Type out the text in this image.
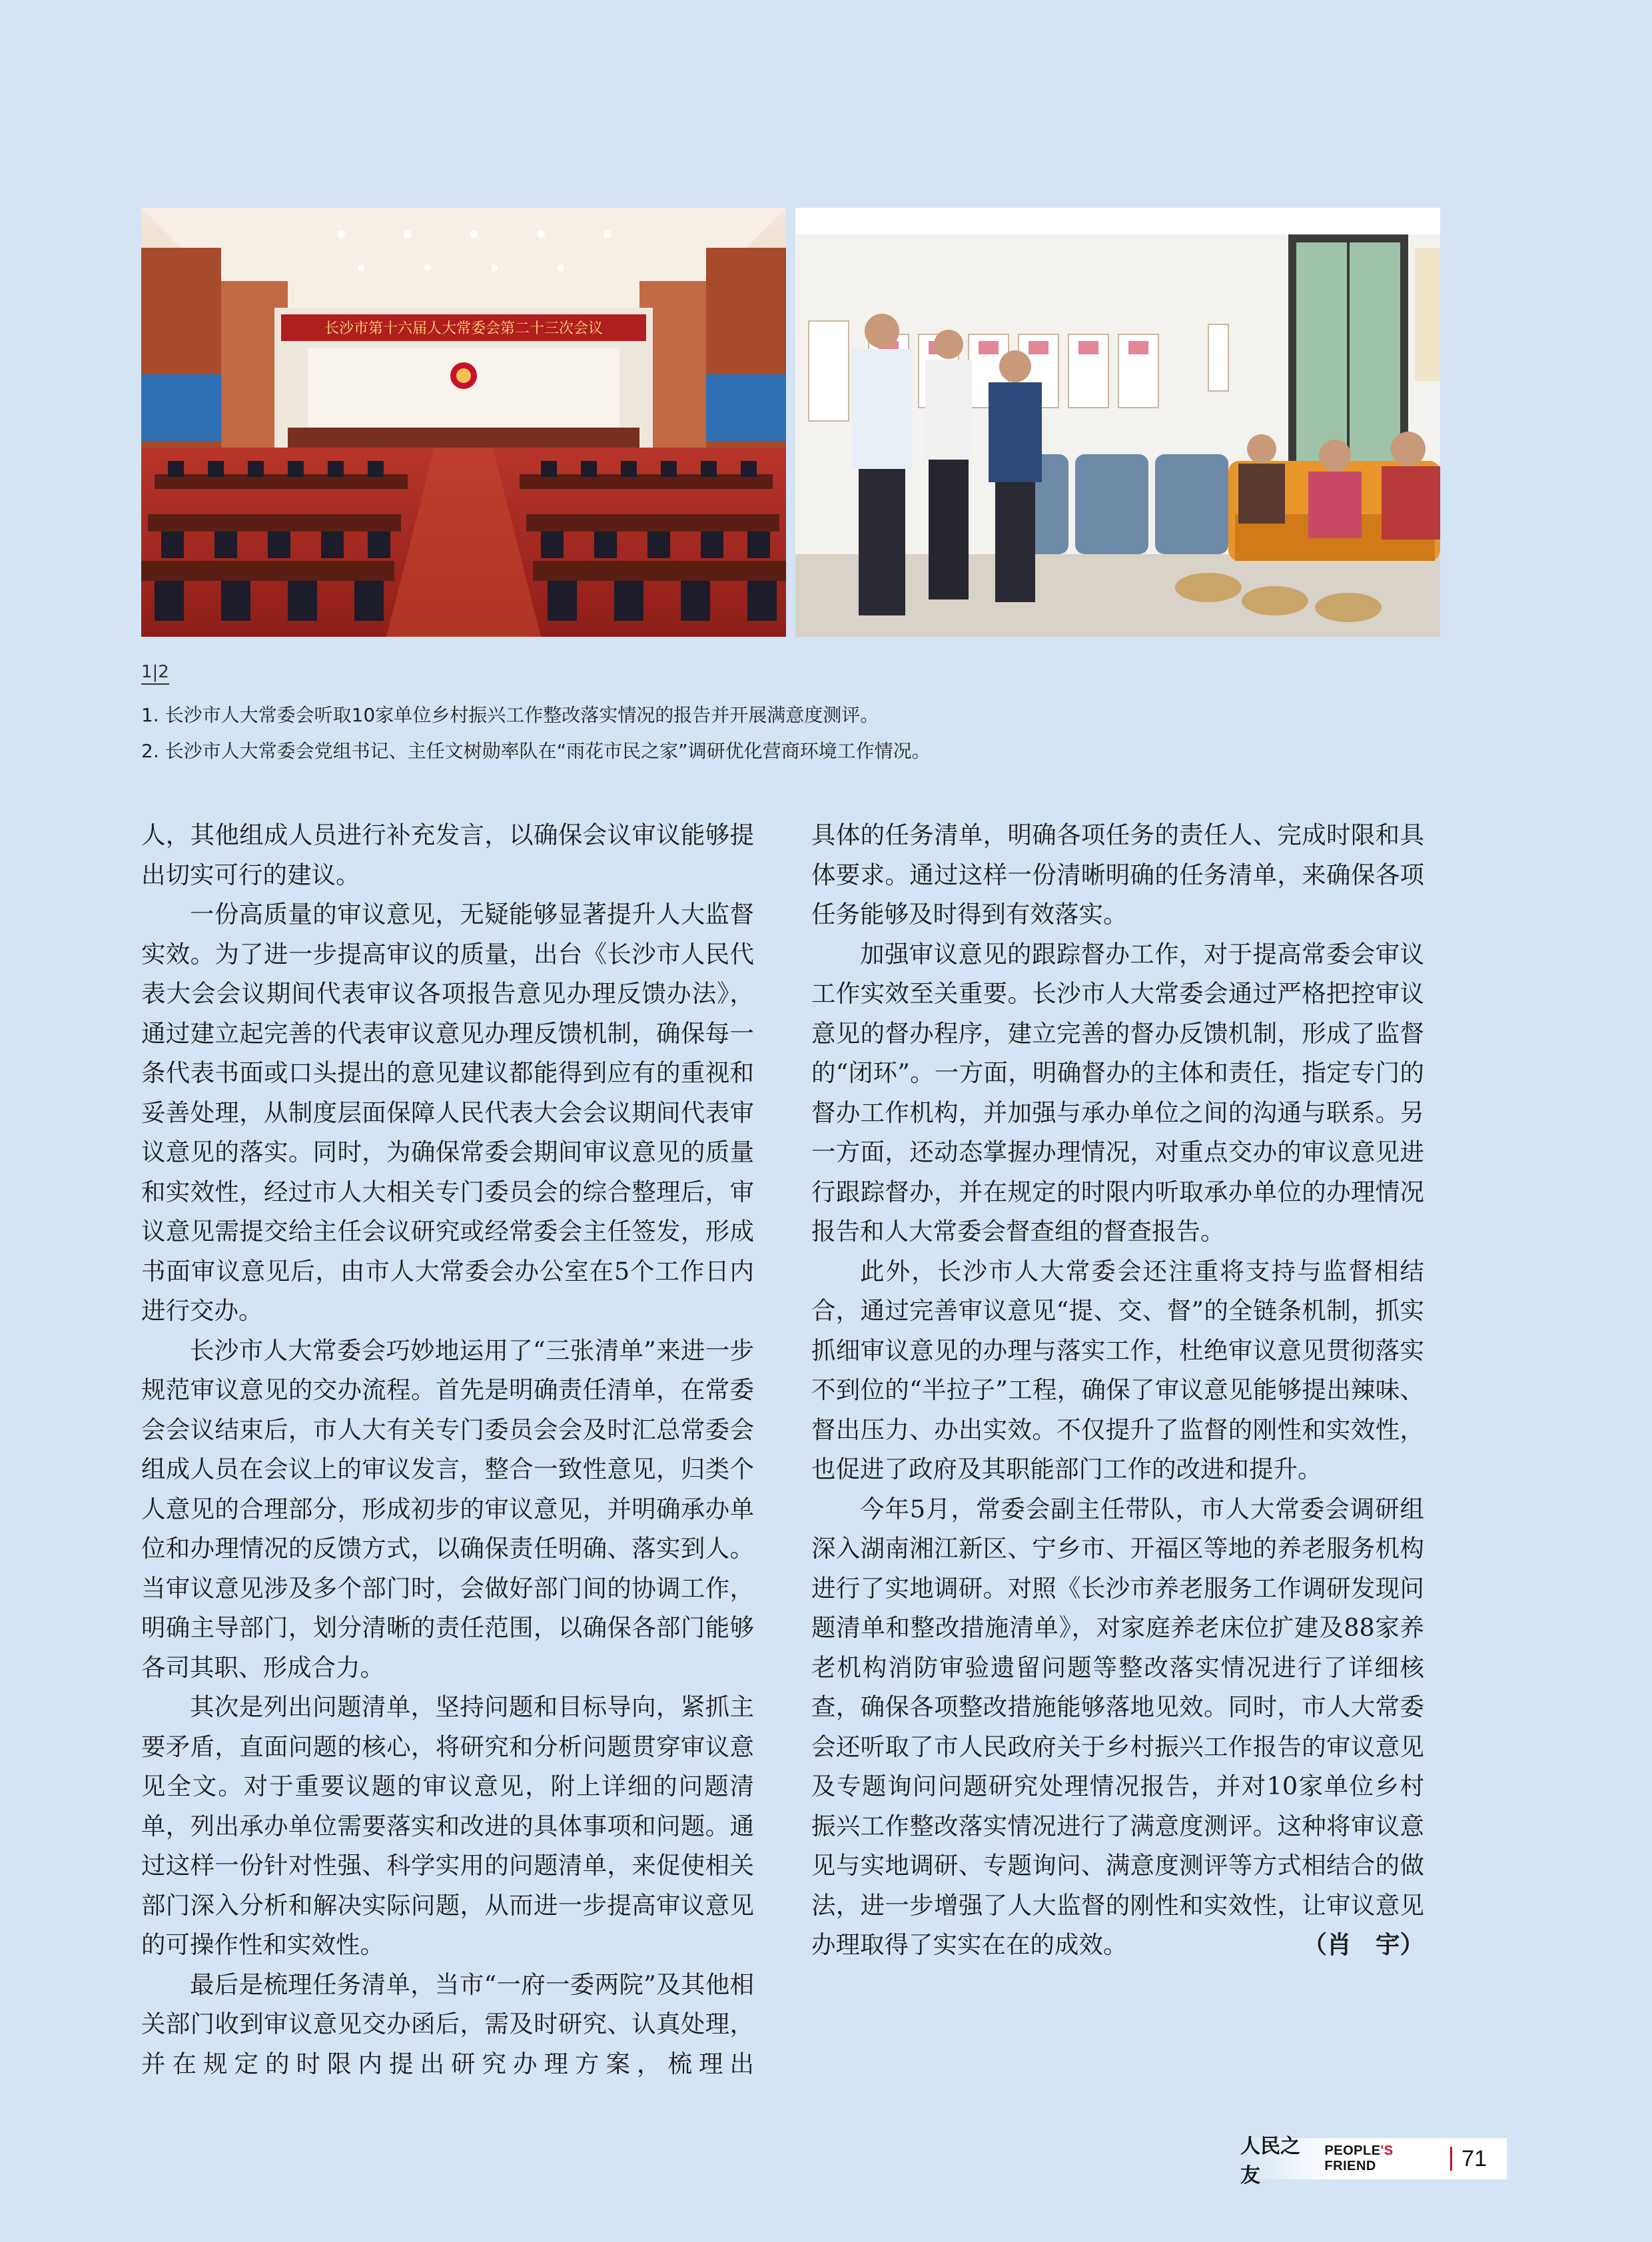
长沙市第十六届人大常委会第二十三次会议
1|2
1. 长沙市人大常委会听取10家单位乡村振兴工作整改落实情况的报告并开展满意度测评。
2. 长沙市人大常委会党组书记、主任文树勋率队在“雨花市民之家”调研优化营商环境工作情况。

人，其他组成人员进行补充发言，以确保会议审议能够提出切实可行的建议。

一份高质量的审议意见，无疑能够显著提升人大监督实效。为了进一步提高审议的质量，出台《长沙市人民代表大会会议期间代表审议各项报告意见办理反馈办法》，通过建立起完善的代表审议意见办理反馈机制，确保每一条代表书面或口头提出的意见建议都能得到应有的重视和妥善处理，从制度层面保障人民代表大会会议期间代表审议意见的落实。同时，为确保常委会期间审议意见的质量和实效性，经过市人大相关专门委员会的综合整理后，审议意见需提交给主任会议研究或经常委会主任签发，形成书面审议意见后，由市人大常委会办公室在5个工作日内进行交办。

长沙市人大常委会巧妙地运用了“三张清单”来进一步规范审议意见的交办流程。首先是明确责任清单，在常委会会议结束后，市人大有关专门委员会会及时汇总常委会组成人员在会议上的审议发言，整合一致性意见，归类个人意见的合理部分，形成初步的审议意见，并明确承办单位和办理情况的反馈方式，以确保责任明确、落实到人。当审议意见涉及多个部门时，会做好部门间的协调工作，明确主导部门，划分清晰的责任范围，以确保各部门能够各司其职、形成合力。

其次是列出问题清单，坚持问题和目标导向，紧抓主要矛盾，直面问题的核心，将研究和分析问题贯穿审议意见全文。对于重要议题的审议意见，附上详细的问题清单，列出承办单位需要落实和改进的具体事项和问题。通过这样一份针对性强、科学实用的问题清单，来促使相关部门深入分析和解决实际问题，从而进一步提高审议意见的可操作性和实效性。

最后是梳理任务清单，当市“一府一委两院”及其他相关部门收到审议意见交办函后，需及时研究、认真处理，并在规定的时限内提出研究办理方案，梳理出

具体的任务清单，明确各项任务的责任人、完成时限和具体要求。通过这样一份清晰明确的任务清单，来确保各项任务能够及时得到有效落实。

加强审议意见的跟踪督办工作，对于提高常委会审议工作实效至关重要。长沙市人大常委会通过严格把控审议意见的督办程序，建立完善的督办反馈机制，形成了监督的“闭环”。一方面，明确督办的主体和责任，指定专门的督办工作机构，并加强与承办单位之间的沟通与联系。另一方面，还动态掌握办理情况，对重点交办的审议意见进行跟踪督办，并在规定的时限内听取承办单位的办理情况报告和人大常委会督查组的督查报告。

此外，长沙市人大常委会还注重将支持与监督相结合，通过完善审议意见“提、交、督”的全链条机制，抓实抓细审议意见的办理与落实工作，杜绝审议意见贯彻落实不到位的“半拉子”工程，确保了审议意见能够提出辣味、督出压力、办出实效。不仅提升了监督的刚性和实效性，也促进了政府及其职能部门工作的改进和提升。

今年5月，常委会副主任带队，市人大常委会调研组深入湖南湘江新区、宁乡市、开福区等地的养老服务机构进行了实地调研。对照《长沙市养老服务工作调研发现问题清单和整改措施清单》，对家庭养老床位扩建及88家养老机构消防审验遗留问题等整改落实情况进行了详细核查，确保各项整改措施能够落地见效。同时，市人大常委会还听取了市人民政府关于乡村振兴工作报告的审议意见及专题询问问题研究处理情况报告，并对10家单位乡村振兴工作整改落实情况进行了满意度测评。这种将审议意见与实地调研、专题询问、满意度测评等方式相结合的做法，进一步增强了人大监督的刚性和实效性，让审议意见办理取得了实实在在的成效。	（肖　宇）

人民之友
PEOPLE'S FRIEND	71
